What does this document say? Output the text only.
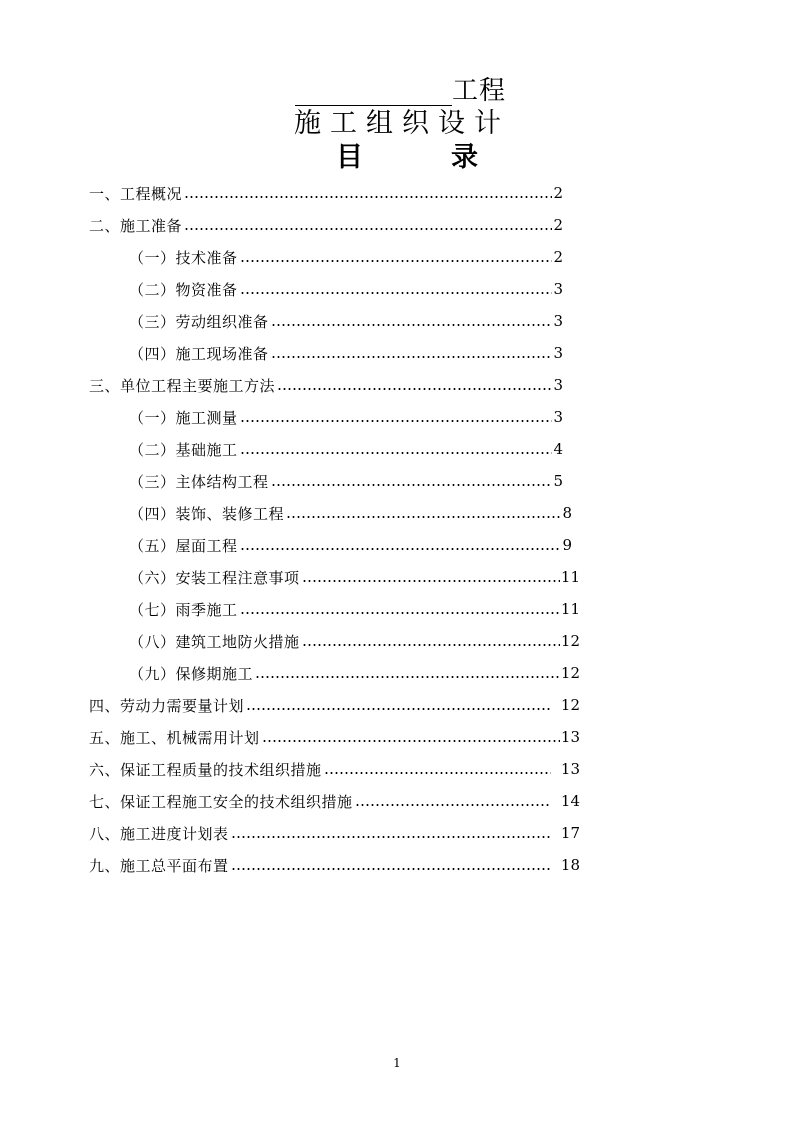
工程
施工组织设计
目	录
一、工程概况	2
二、施工准备	2
（一）技术准备	2
（二）物资准备	3
（三）劳动组织准备	3
（四）施工现场准备	3
三、单位工程主要施工方法	3
（一）施工测量	3
（二）基础施工	4
（三）主体结构工程	5
（四）装饰、装修工程	8
（五）屋面工程	9
（六）安装工程注意事项	11
（七）雨季施工	11
（八）建筑工地防火措施	12
（九）保修期施工	12
四、劳动力需要量计划	12
五、施工、机械需用计划	13
六、保证工程质量的技术组织措施	13
七、保证工程施工安全的技术组织措施	14
八、施工进度计划表	17
九、施工总平面布置	18
1
